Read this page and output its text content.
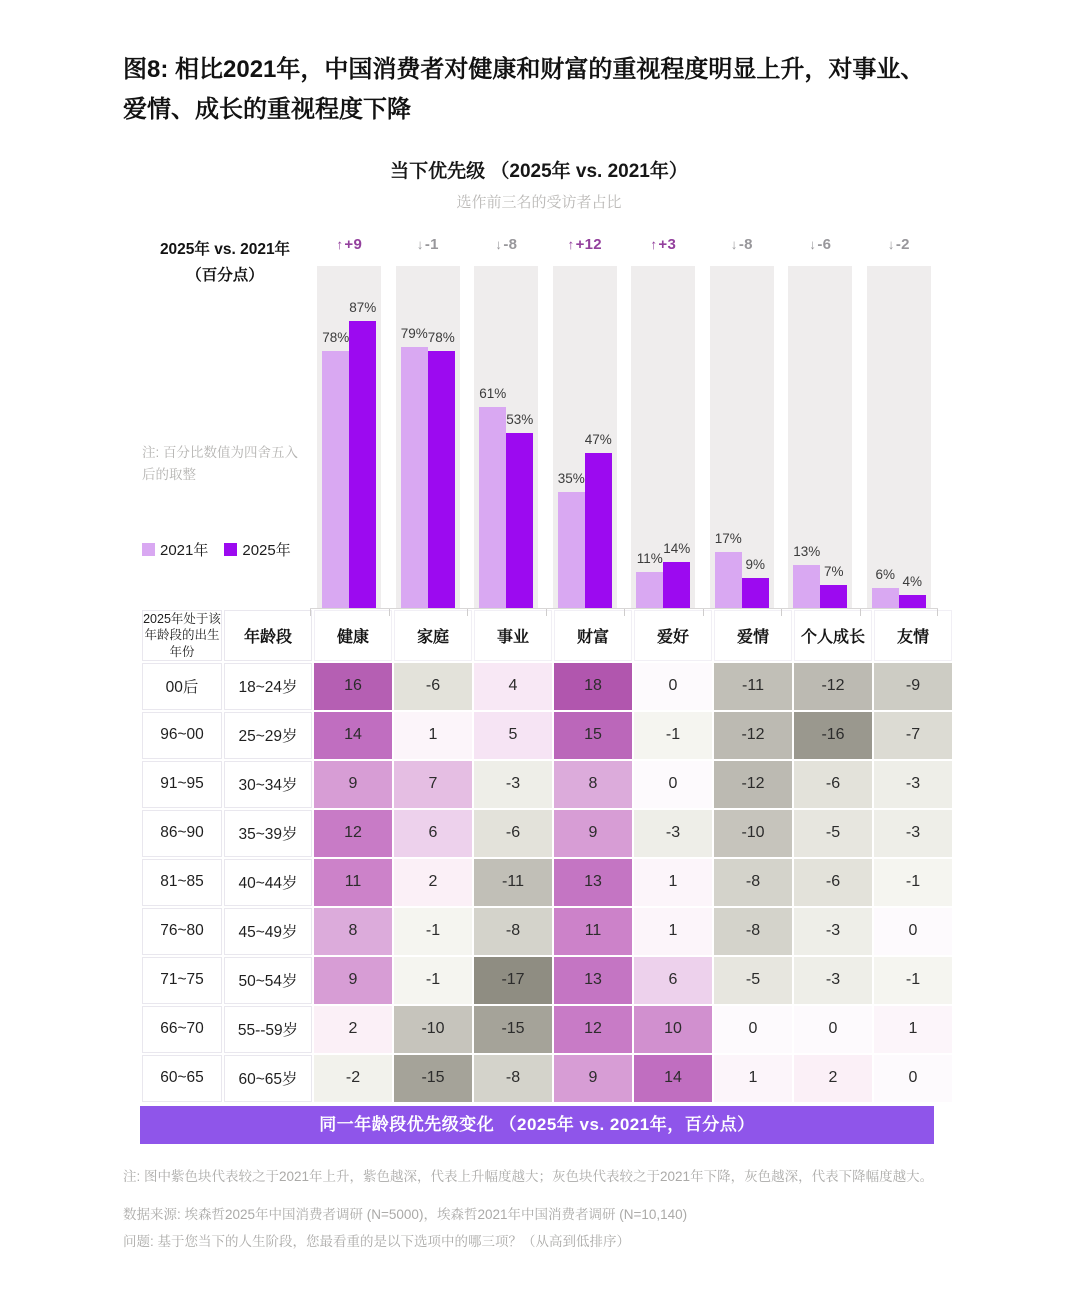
图8: 相比2021年，中国消费者对健康和财富的重视程度明显上升，对事业、
爱情、成长的重视程度下降
当下优先级 （2025年 vs. 2021年）
选作前三名的受访者占比
2025年 vs. 2021年
（百分点）
注: 百分比数值为四舍五入后的取整
2021年 2025年
↑+9
78%
87%
↓-1
79% 78%
↓-8
61%
53%
↑+12
35%
47%
↑+3
11%
14%
↓-8
17%
9%
↓-6
13%
7%
↓-2
6% 4%
2025年处于该年龄段的出生年份	年龄段	健康	家庭	事业	财富	爱好	爱情	个人成长	友情
00后	18~24岁	16	-6	4	18	0	-11	-12	-9
96~00	25~29岁	14	1	5	15	-1	-12	-16	-7
91~95	30~34岁	9	7	-3	8	0	-12	-6	-3
86~90	35~39岁	12	6	-6	9	-3	-10	-5	-3
81~85	40~44岁	11	2	-11	13	1	-8	-6	-1
76~80	45~49岁	8	-1	-8	11	1	-8	-3	0
71~75	50~54岁	9	-1	-17	13	6	-5	-3	-1
66~70	55--59岁	2	-10	-15	12	10	0	0	1
60~65	60~65岁	-2	-15	-8	9	14	1	2	0
同一年龄段优先级变化 （2025年 vs. 2021年，百分点）

注: 图中紫色块代表较之于2021年上升，紫色越深，代表上升幅度越大；灰色块代表较之于2021年下降，灰色越深，代表下降幅度越大。

数据来源: 埃森哲2025年中国消费者调研 (N=5000)，埃森哲2021年中国消费者调研 (N=10,140)

问题: 基于您当下的人生阶段，您最看重的是以下选项中的哪三项？（从高到低排序）
